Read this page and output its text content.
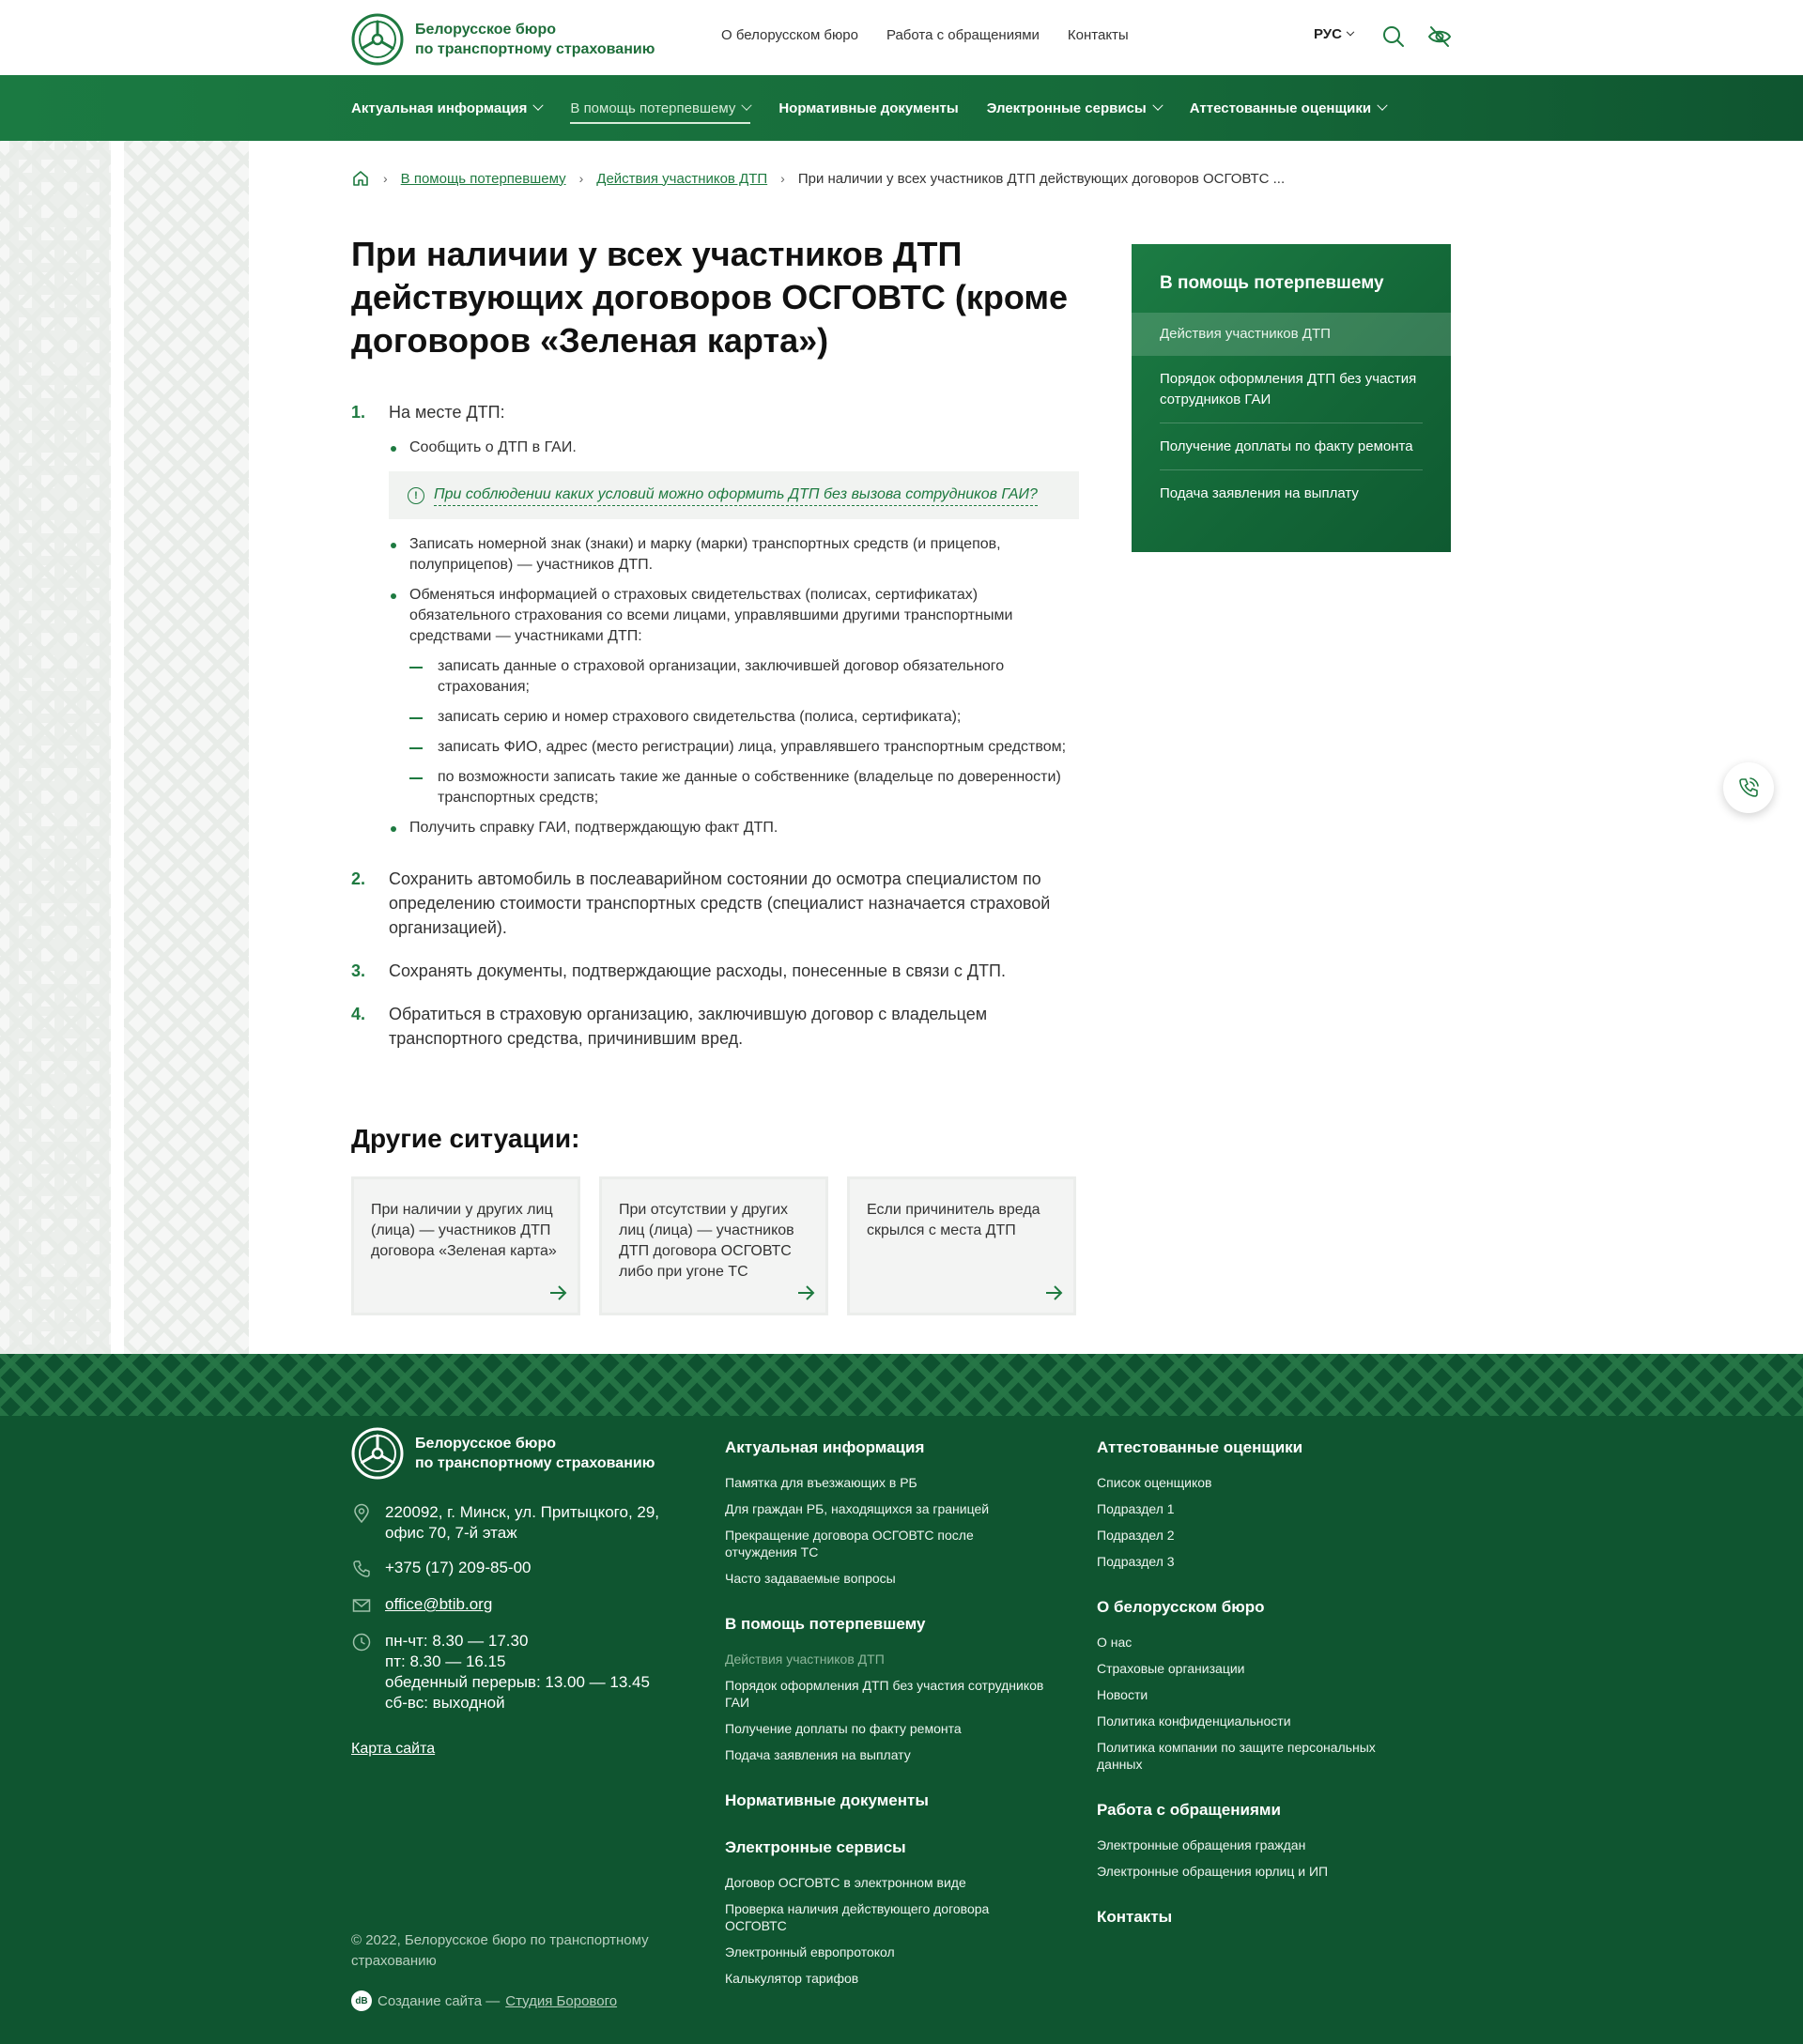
Белорусское бюро
по транспортному страхованию
О белорусском бюро Работа с обращениями Контакты	РУС
Актуальная информация	В помощь потерпевшему	Нормативные документы Электронные сервисы	Аттестованные оценщики
› В помощь потерпевшему › Действия участников ДТП › При наличии у всех участников ДТП действующих договоров ОСГОВТС ...
При наличии у всех участников ДТП действующих договоров ОСГОВТС (кроме договоров «Зеленая карта»)
1.	На месте ДТП:
Сообщить о ДТП в ГАИ.
!	При соблюдении каких условий можно оформить ДТП без вызова сотрудников ГАИ?
Записать номерной знак (знаки) и марку (марки) транспортных средств (и прицепов, полуприцепов) — участников ДТП.
Обменяться информацией о страховых свидетельствах (полисах, сертификатах) обязательного страхования со всеми лицами, управлявшими другими транспортными средствами — участниками ДТП:
записать данные о страховой организации, заключившей договор обязательного страхования;
записать серию и номер страхового свидетельства (полиса, сертификата);
записать ФИО, адрес (место регистрации) лица, управлявшего транспортным средством;
по возможности записать такие же данные о собственнике (владельце по доверенности) транспортных средств;
Получить справку ГАИ, подтверждающую факт ДТП.
2.	Сохранить автомобиль в послеаварийном состоянии до осмотра специалистом по определению стоимости транспортных средств (специалист назначается страховой организацией).
3.	Сохранять документы, подтверждающие расходы, понесенные в связи с ДТП.
4.	Обратиться в страховую организацию, заключившую договор с владельцем транспортного средства, причинившим вред.
Другие ситуации:
При наличии у других лиц (лица) — участников ДТП договора «Зеленая карта»
При отсутствии у других лиц (лица) — участников ДТП договора ОСГОВТС либо при угоне ТС
Если причинитель вреда скрылся с места ДТП
В помощь потерпевшему
Действия участников ДТП
Порядок оформления ДТП без участия сотрудников ГАИ
Получение доплаты по факту ремонта
Подача заявления на выплату
Белорусское бюро
по транспортному страхованию
220092, г. Минск, ул. Притыцкого, 29, офис 70, 7-й этаж
+375 (17) 209-85-00
office@btib.org
пн-чт: 8.30 — 17.30
пт: 8.30 — 16.15
обеденный перерыв: 13.00 — 13.45
сб-вс: выходной
Карта сайта
© 2022, Белорусское бюро по транспортному страхованию
dB Создание сайта — Студия Борового
Актуальная информация
Памятка для въезжающих в РБ
Для граждан РБ, находящихся за границей
Прекращение договора ОСГОВТС после отчуждения ТС
Часто задаваемые вопросы
В помощь потерпевшему
Действия участников ДТП
Порядок оформления ДТП без участия сотрудников ГАИ
Получение доплаты по факту ремонта
Подача заявления на выплату
Нормативные документы
Электронные сервисы
Договор ОСГОВТС в электронном виде
Проверка наличия действующего договора ОСГОВТС
Электронный европротокол
Калькулятор тарифов
Аттестованные оценщики
Список оценщиков
Подраздел 1
Подраздел 2
Подраздел 3
О белорусском бюро
О нас
Страховые организации
Новости
Политика конфиденциальности
Политика компании по защите персональных данных
Работа с обращениями
Электронные обращения граждан
Электронные обращения юрлиц и ИП
Контакты
